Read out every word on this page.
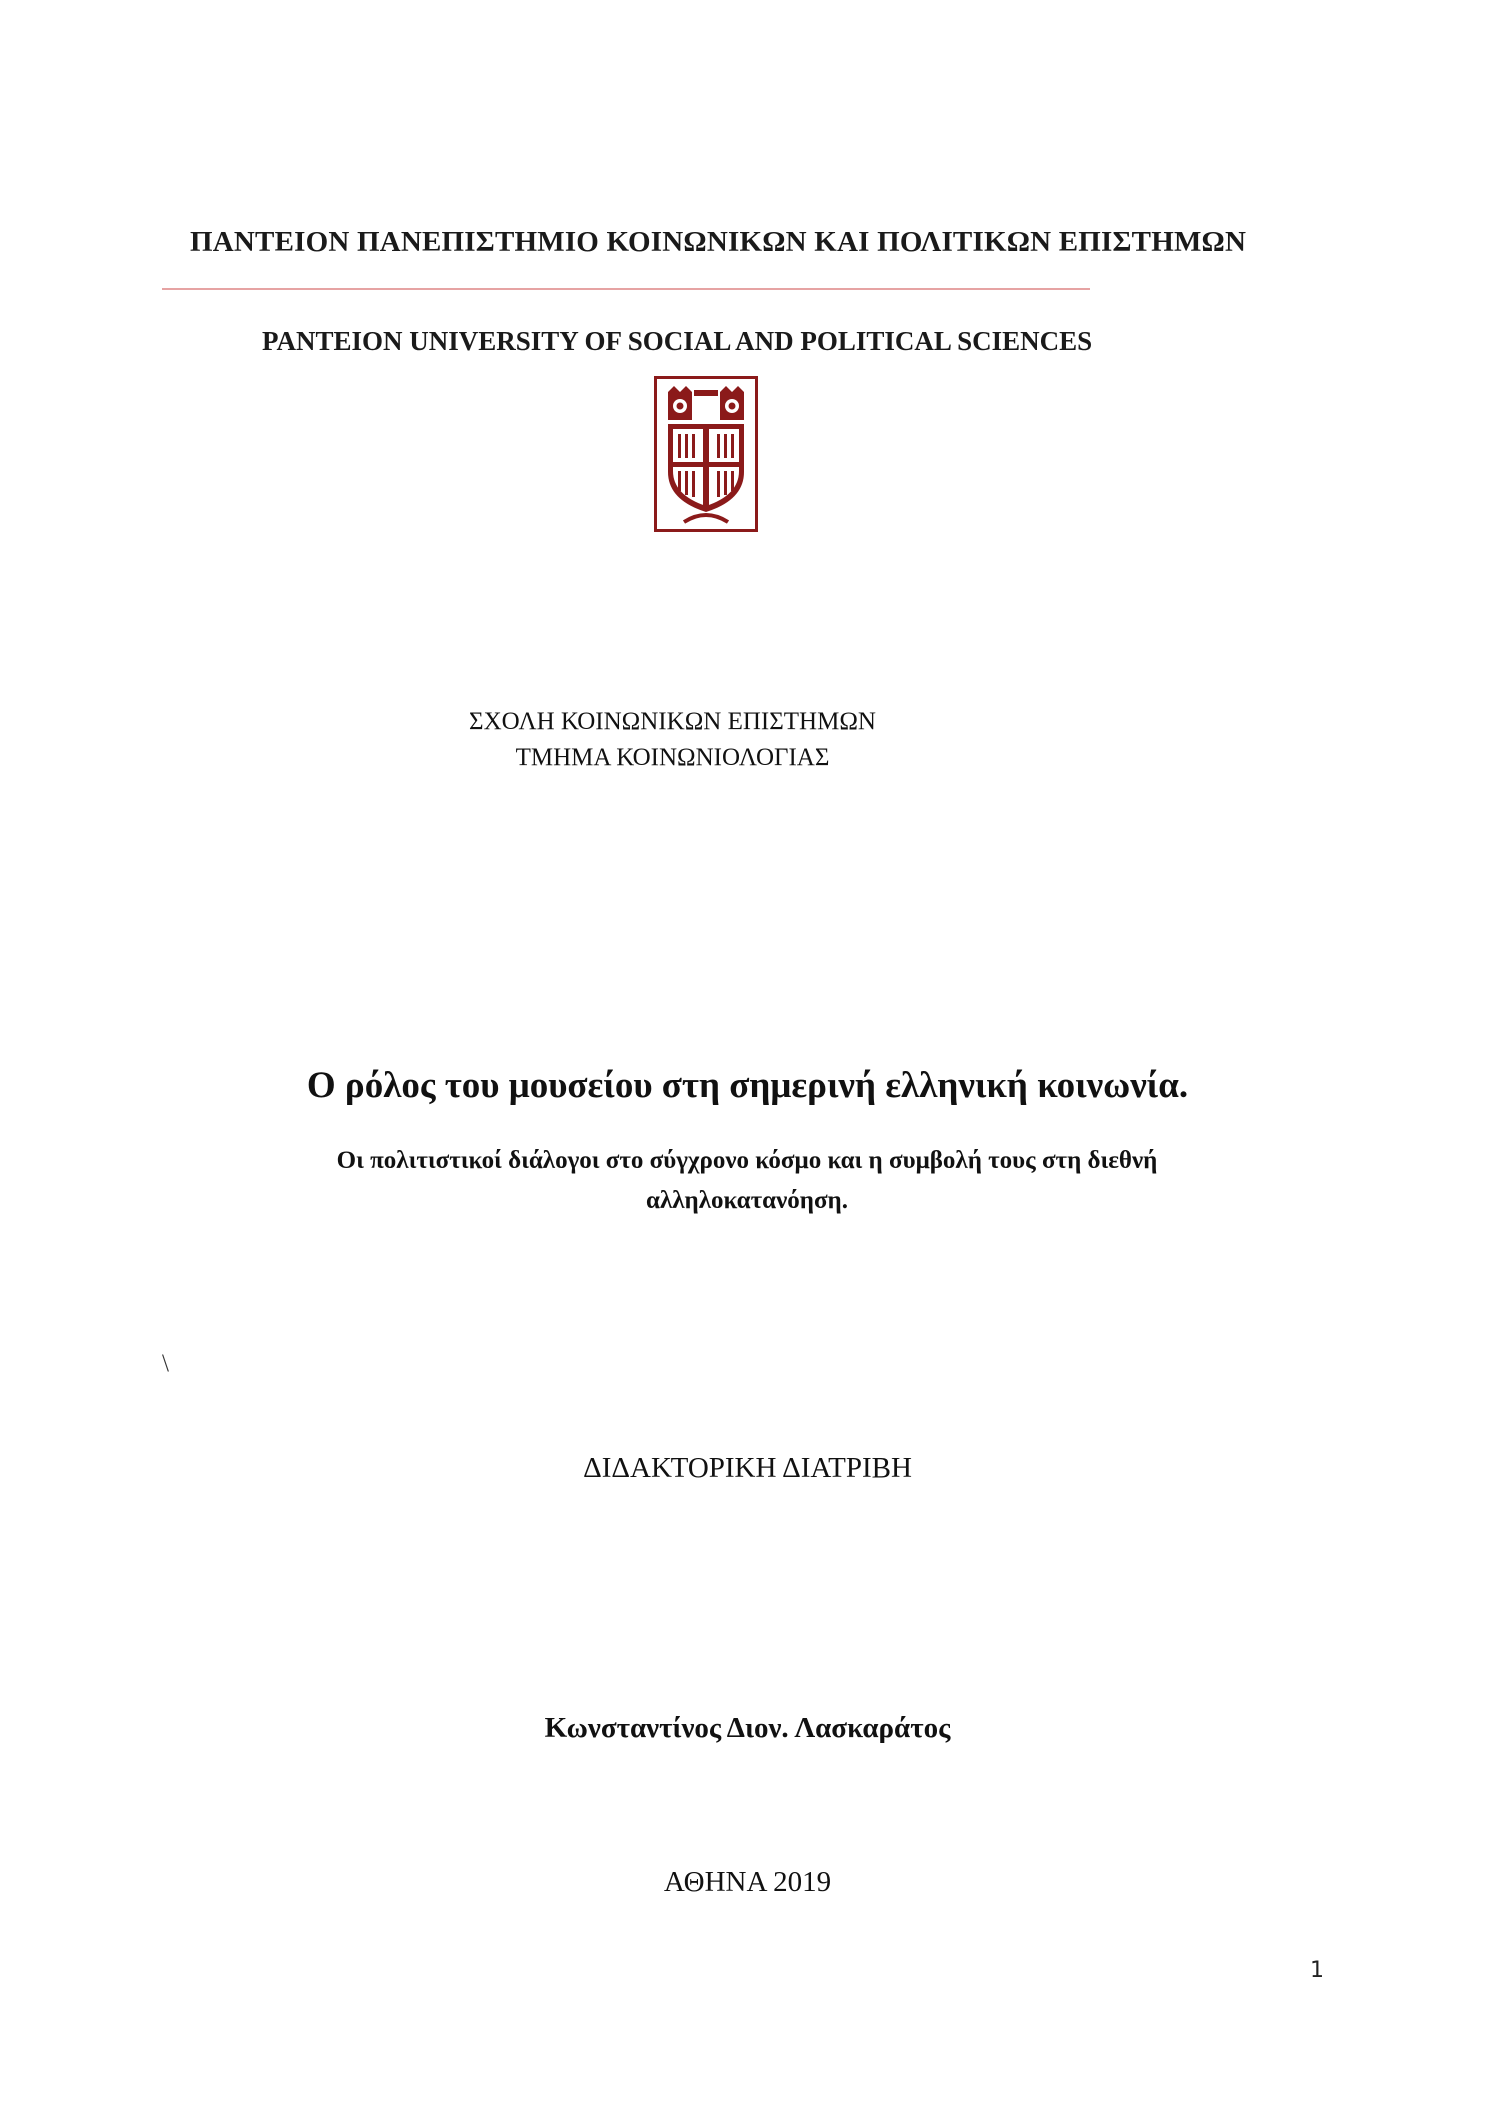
ΠΑΝΤΕΙΟΝ ΠΑΝΕΠΙΣΤΗΜΙΟ ΚΟΙΝΩΝΙΚΩΝ ΚΑΙ ΠΟΛΙΤΙΚΩΝ ΕΠΙΣΤΗΜΩΝ
PANTEION UNIVERSITY OF SOCIAL AND POLITICAL SCIENCES
ΣΧΟΛΗ ΚΟΙΝΩΝΙΚΩΝ ΕΠΙΣΤΗΜΩΝ
ΤΜΗΜΑ ΚΟΙΝΩΝΙΟΛΟΓΙΑΣ
Ο ρόλος του μουσείου στη σημερινή ελληνική κοινωνία.
Οι πολιτιστικοί διάλογοι στο σύγχρονο κόσμο και η συμβολή τους στη διεθνή
αλληλοκατανόηση.
\
ΔΙΔΑΚΤΟΡΙΚΗ ΔΙΑΤΡΙΒΗ
Κωνσταντίνος Διον. Λασκαράτος
ΑΘΗΝΑ 2019
1
